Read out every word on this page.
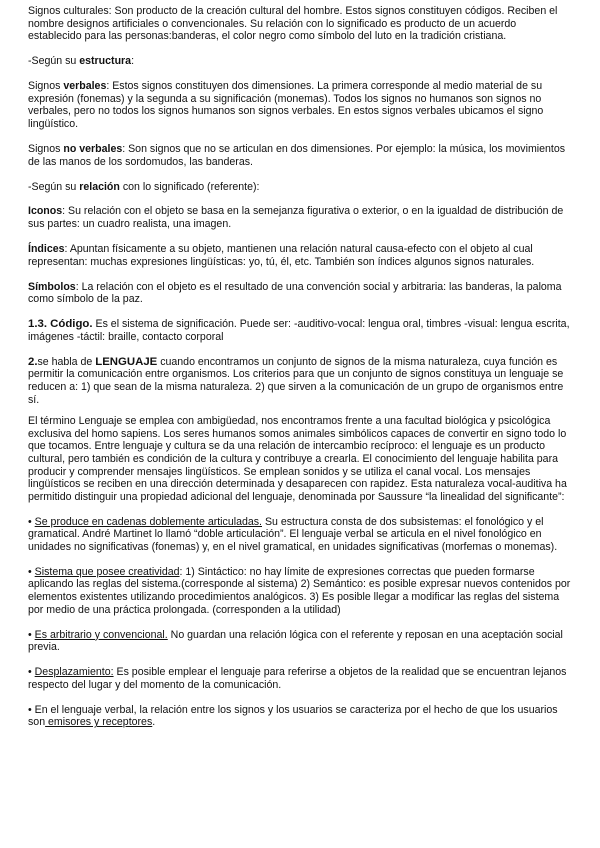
Signos culturales: Son producto de la creación cultural del hombre. Estos signos constituyen códigos. Reciben el nombre designos artificiales o convencionales. Su relación con lo significado es producto de un acuerdo establecido para las personas:banderas, el color negro como símbolo del luto en la tradición cristiana.

-Según su estructura:

Signos verbales: Estos signos constituyen dos dimensiones. La primera corresponde al medio material de su expresión (fonemas) y la segunda a su significación (monemas). Todos los signos no humanos son signos no verbales, pero no todos los signos humanos son signos verbales. En estos signos verbales ubicamos el signo lingüístico.

Signos no verbales: Son signos que no se articulan en dos dimensiones. Por ejemplo: la música, los movimientos de las manos de los sordomudos, las banderas.

-Según su relación con lo significado (referente):

Iconos: Su relación con el objeto se basa en la semejanza figurativa o exterior, o en la igualdad de distribución de sus partes: un cuadro realista, una imagen.

Índices: Apuntan físicamente a su objeto, mantienen una relación natural causa-efecto con el objeto al cual representan: muchas expresiones lingüísticas: yo, tú, él, etc. También son índices algunos signos naturales.

Símbolos: La relación con el objeto es el resultado de una convención social y arbitraria: las banderas, la paloma como símbolo de la paz.

1.3. Código. Es el sistema de significación. Puede ser: -auditivo-vocal: lengua oral, timbres -visual: lengua escrita, imágenes -táctil: braille, contacto corporal

2.se habla de LENGUAJE cuando encontramos un conjunto de signos de la misma naturaleza, cuya función es permitir la comunicación entre organismos. Los criterios para que un conjunto de signos constituya un lenguaje se reducen a: 1) que sean de la misma naturaleza. 2) que sirven a la comunicación de un grupo de organismos entre sí.

El término Lenguaje se emplea con ambigüedad, nos encontramos frente a una facultad biológica y psicológica exclusiva del homo sapiens. Los seres humanos somos animales simbólicos capaces de convertir en signo todo lo que tocamos. Entre lenguaje y cultura se da una relación de intercambio recíproco: el lenguaje es un producto cultural, pero también es condición de la cultura y contribuye a crearla. El conocimiento del lenguaje habilita para producir y comprender mensajes lingüísticos. Se emplean sonidos y se utiliza el canal vocal. Los mensajes lingüísticos se reciben en una dirección determinada y desaparecen con rapidez. Esta naturaleza vocal-auditiva ha permitido distinguir una propiedad adicional del lenguaje, denominada por Saussure “la linealidad del significante”:

• Se produce en cadenas doblemente articuladas. Su estructura consta de dos subsistemas: el fonológico y el gramatical. André Martinet lo llamó “doble articulación”. El lenguaje verbal se articula en el nivel fonológico en unidades no significativas (fonemas) y, en el nivel gramatical, en unidades significativas (morfemas o monemas).

• Sistema que posee creatividad: 1) Sintáctico: no hay límite de expresiones correctas que pueden formarse aplicando las reglas del sistema.(corresponde al sistema) 2) Semántico: es posible expresar nuevos contenidos por elementos existentes utilizando procedimientos analógicos. 3) Es posible llegar a modificar las reglas del sistema por medio de una práctica prolongada. (corresponden a la utilidad)

• Es arbitrario y convencional. No guardan una relación lógica con el referente y reposan en una aceptación social previa.

• Desplazamiento: Es posible emplear el lenguaje para referirse a objetos de la realidad que se encuentran lejanos respecto del lugar y del momento de la comunicación.

• En el lenguaje verbal, la relación entre los signos y los usuarios se caracteriza por el hecho de que los usuarios son emisores y receptores.
